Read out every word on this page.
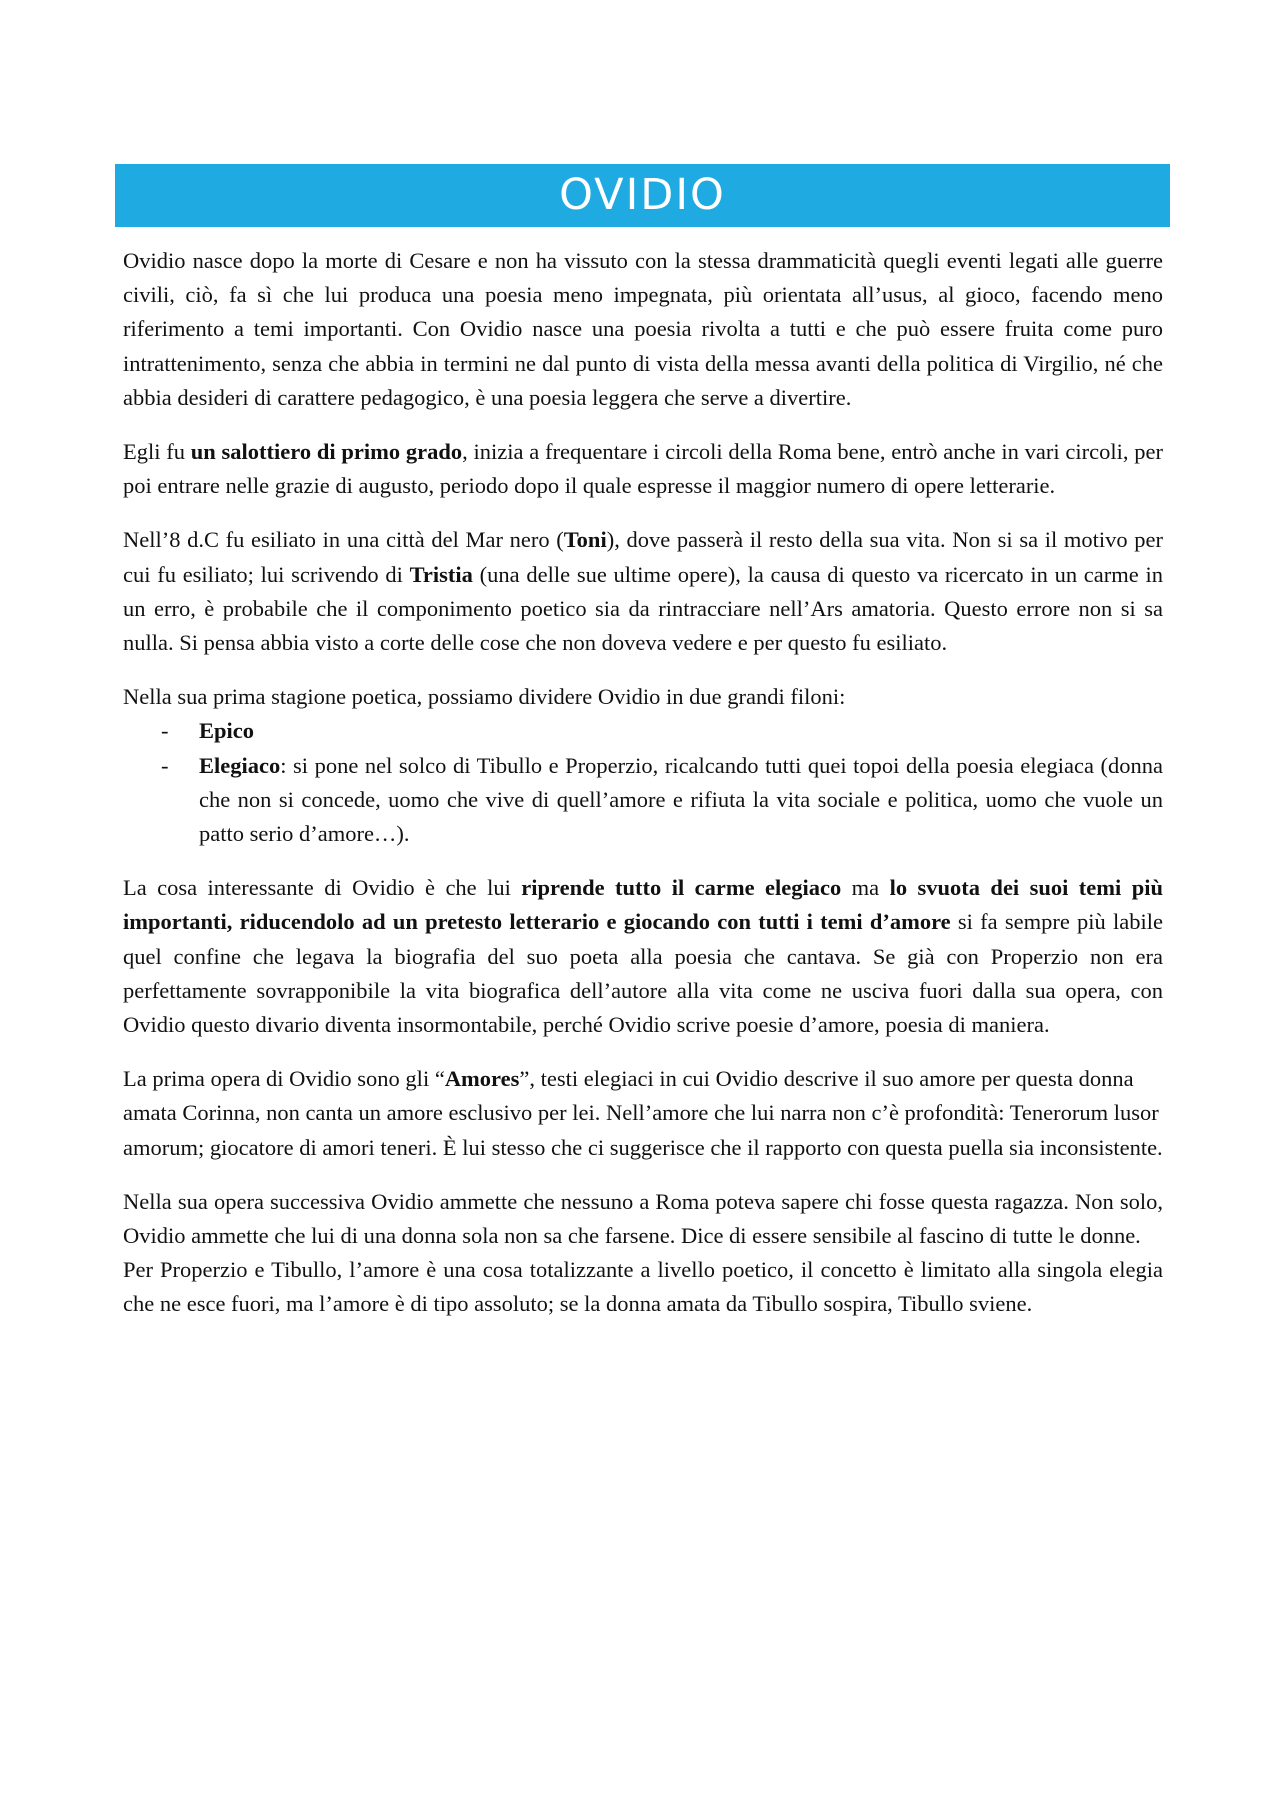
OVIDIO

Ovidio nasce dopo la morte di Cesare e non ha vissuto con la stessa drammaticità quegli eventi legati alle guerre civili, ciò, fa sì che lui produca una poesia meno impegnata, più orientata all’usus, al gioco, facendo meno riferimento a temi importanti. Con Ovidio nasce una poesia rivolta a tutti e che può essere fruita come puro intrattenimento, senza che abbia in termini ne dal punto di vista della messa avanti della politica di Virgilio, né che abbia desideri di carattere pedagogico, è una poesia leggera che serve a divertire.

Egli fu un salottiero di primo grado, inizia a frequentare i circoli della Roma bene, entrò anche in vari circoli, per poi entrare nelle grazie di augusto, periodo dopo il quale espresse il maggior numero di opere letterarie.

Nell’8 d.C fu esiliato in una città del Mar nero (Toni), dove passerà il resto della sua vita. Non si sa il motivo per cui fu esiliato; lui scrivendo di Tristia (una delle sue ultime opere), la causa di questo va ricercato in un carme in un erro, è probabile che il componimento poetico sia da rintracciare nell’Ars amatoria. Questo errore non si sa nulla. Si pensa abbia visto a corte delle cose che non doveva vedere e per questo fu esiliato.

Nella sua prima stagione poetica, possiamo dividere Ovidio in due grandi filoni:

- Epico
- Elegiaco: si pone nel solco di Tibullo e Properzio, ricalcando tutti quei topoi della poesia elegiaca (donna che non si concede, uomo che vive di quell’amore e rifiuta la vita sociale e politica, uomo che vuole un patto serio d’amore…).

La cosa interessante di Ovidio è che lui riprende tutto il carme elegiaco ma lo svuota dei suoi temi più importanti, riducendolo ad un pretesto letterario e giocando con tutti i temi d’amore si fa sempre più labile quel confine che legava la biografia del suo poeta alla poesia che cantava. Se già con Properzio non era perfettamente sovrapponibile la vita biografica dell’autore alla vita come ne usciva fuori dalla sua opera, con Ovidio questo divario diventa insormontabile, perché Ovidio scrive poesie d’amore, poesia di maniera.

La prima opera di Ovidio sono gli “Amores”, testi elegiaci in cui Ovidio descrive il suo amore per questa donna amata Corinna, non canta un amore esclusivo per lei. Nell’amore che lui narra non c’è profondità: Tenerorum lusor amorum; giocatore di amori teneri. È lui stesso che ci suggerisce che il rapporto con questa puella sia inconsistente.

Nella sua opera successiva Ovidio ammette che nessuno a Roma poteva sapere chi fosse questa ragazza. Non solo, Ovidio ammette che lui di una donna sola non sa che farsene. Dice di essere sensibile al fascino di tutte le donne.

Per Properzio e Tibullo, l’amore è una cosa totalizzante a livello poetico, il concetto è limitato alla singola elegia che ne esce fuori, ma l’amore è di tipo assoluto; se la donna amata da Tibullo sospira, Tibullo sviene.
